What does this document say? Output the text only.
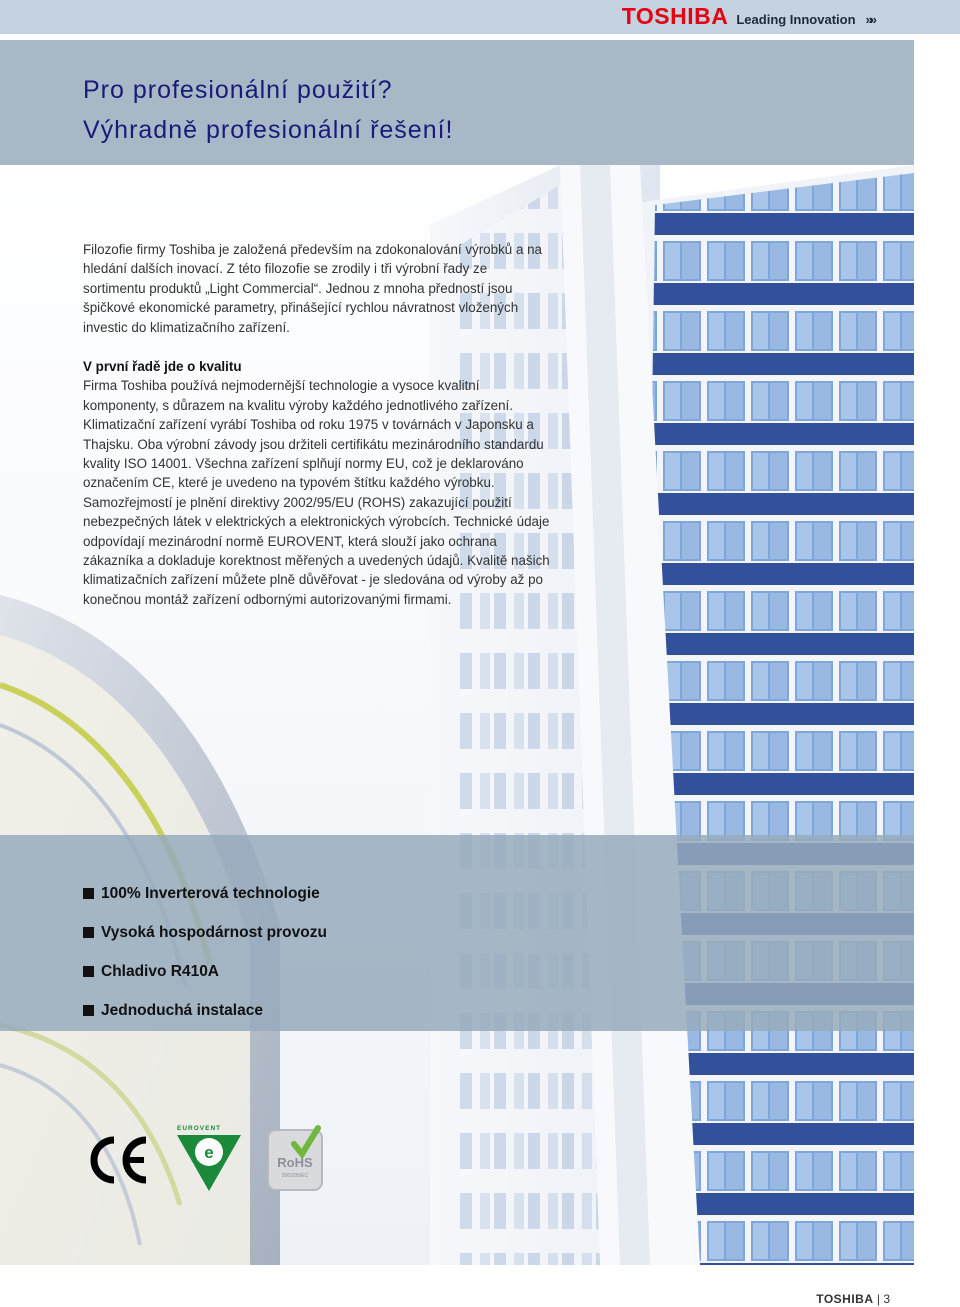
TOSHIBA Leading Innovation »»
Pro profesionální použití?
Výhradně profesionální řešení!
Filozofie firmy Toshiba je založená především na zdokonalování výrobků a na hledání dalších inovací. Z této filozofie se zrodily i tři výrobní řady ze sortimentu produktů „Light Commercial“. Jednou z mnoha předností jsou špičkové ekonomické parametry, přinášející rychlou návratnost vložených investic do klimatizačního zařízení.
V první řadě jde o kvalitu
Firma Toshiba používá nejmodernější technologie a vysoce kvalitní komponenty, s důrazem na kvalitu výroby každého jednotlivého zařízení. Klimatizační zařízení vyrábí Toshiba od roku 1975 v továrnách v Japonsku a Thajsku. Oba výrobní závody jsou držiteli certifikátu mezinárodního standardu kvality ISO 14001. Všechna zařízení splňují normy EU, což je deklarováno označením CE, které je uvedeno na typovém štítku každého výrobku. Samozřejmostí je plnění direktivy 2002/95/EU (ROHS) zakazující použití nebezpečných látek v elektrických a elektronických výrobcích. Technické údaje odpovídají mezinárodní normě EUROVENT, která slouží jako ochrana zákazníka a dokladuje korektnost měřených a uvedených údajů. Kvalitě našich klimatizačních zařízení můžete plně důvěřovat - je sledována od výroby až po konečnou montáž zařízení odbornými autorizovanými firmami.
100% Inverterová technologie
Vysoká hospodárnost provozu
Chladivo R410A
Jednoduchá instalace
EUROVENT
e
RoHS
2002/95/EC
CE
TOSHIBA | 3
